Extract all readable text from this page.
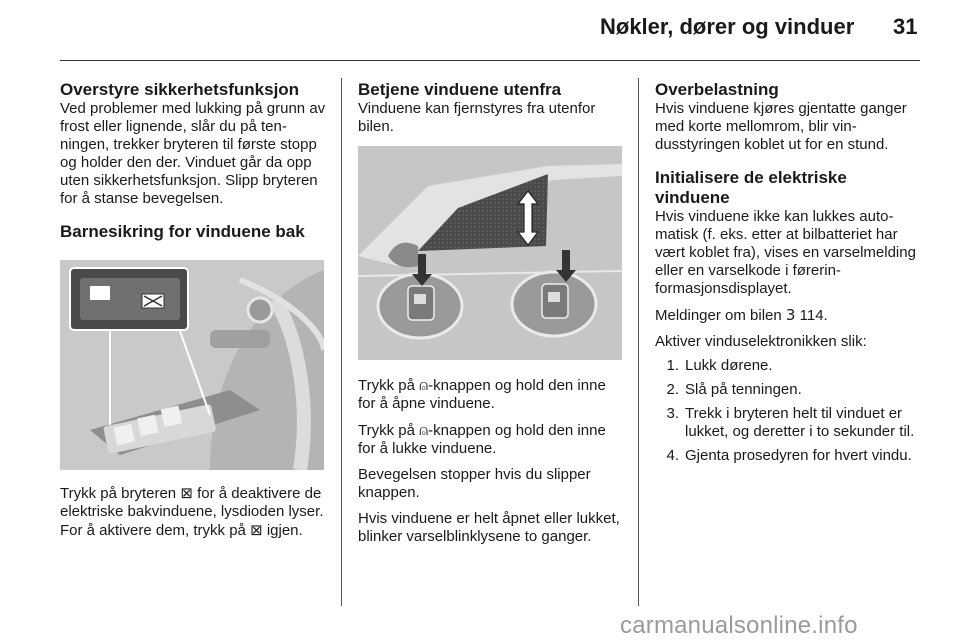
Nøkler, dører og vinduer 31
Overstyre sikkerhetsfunksjon

Ved problemer med lukking på grunn av frost eller lignende, slår du på tenningen, trekker bryteren til første stopp og holder den der. Vinduet går da opp uten sikkerhetsfunksjon. Slipp bryteren for å stanse bevegelsen.

Barnesikring for vinduene bak

Trykk på bryteren ⊠ for å deaktivere de elektriske bakvinduene, lysdioden lyser. For å aktivere dem, trykk på ⊠ igjen.

Betjene vinduene utenfra

Vinduene kan fjernstyres fra utenfor bilen.

Trykk på ⍝-knappen og hold den inne for å åpne vinduene.

Trykk på ⍝-knappen og hold den inne for å lukke vinduene.

Bevegelsen stopper hvis du slipper knappen.

Hvis vinduene er helt åpnet eller lukket, blinker varselblinklysene to ganger.

Overbelastning

Hvis vinduene kjøres gjentatte ganger med korte mellomrom, blir vindusstyringen koblet ut for en stund.

Initialisere de elektriske vinduene

Hvis vinduene ikke kan lukkes automatisk (f. eks. etter at bilbatteriet har vært koblet fra), vises en varselmelding eller en varselkode i førerinformasjonsdisplayet.

Meldinger om bilen 3 114.

Aktiver vinduselektronikken slik:

1. Lukk dørene.
2. Slå på tenningen.
3. Trekk i bryteren helt til vinduet er lukket, og deretter i to sekunder til.
4. Gjenta prosedyren for hvert vindu.
carmanualsonline.info
